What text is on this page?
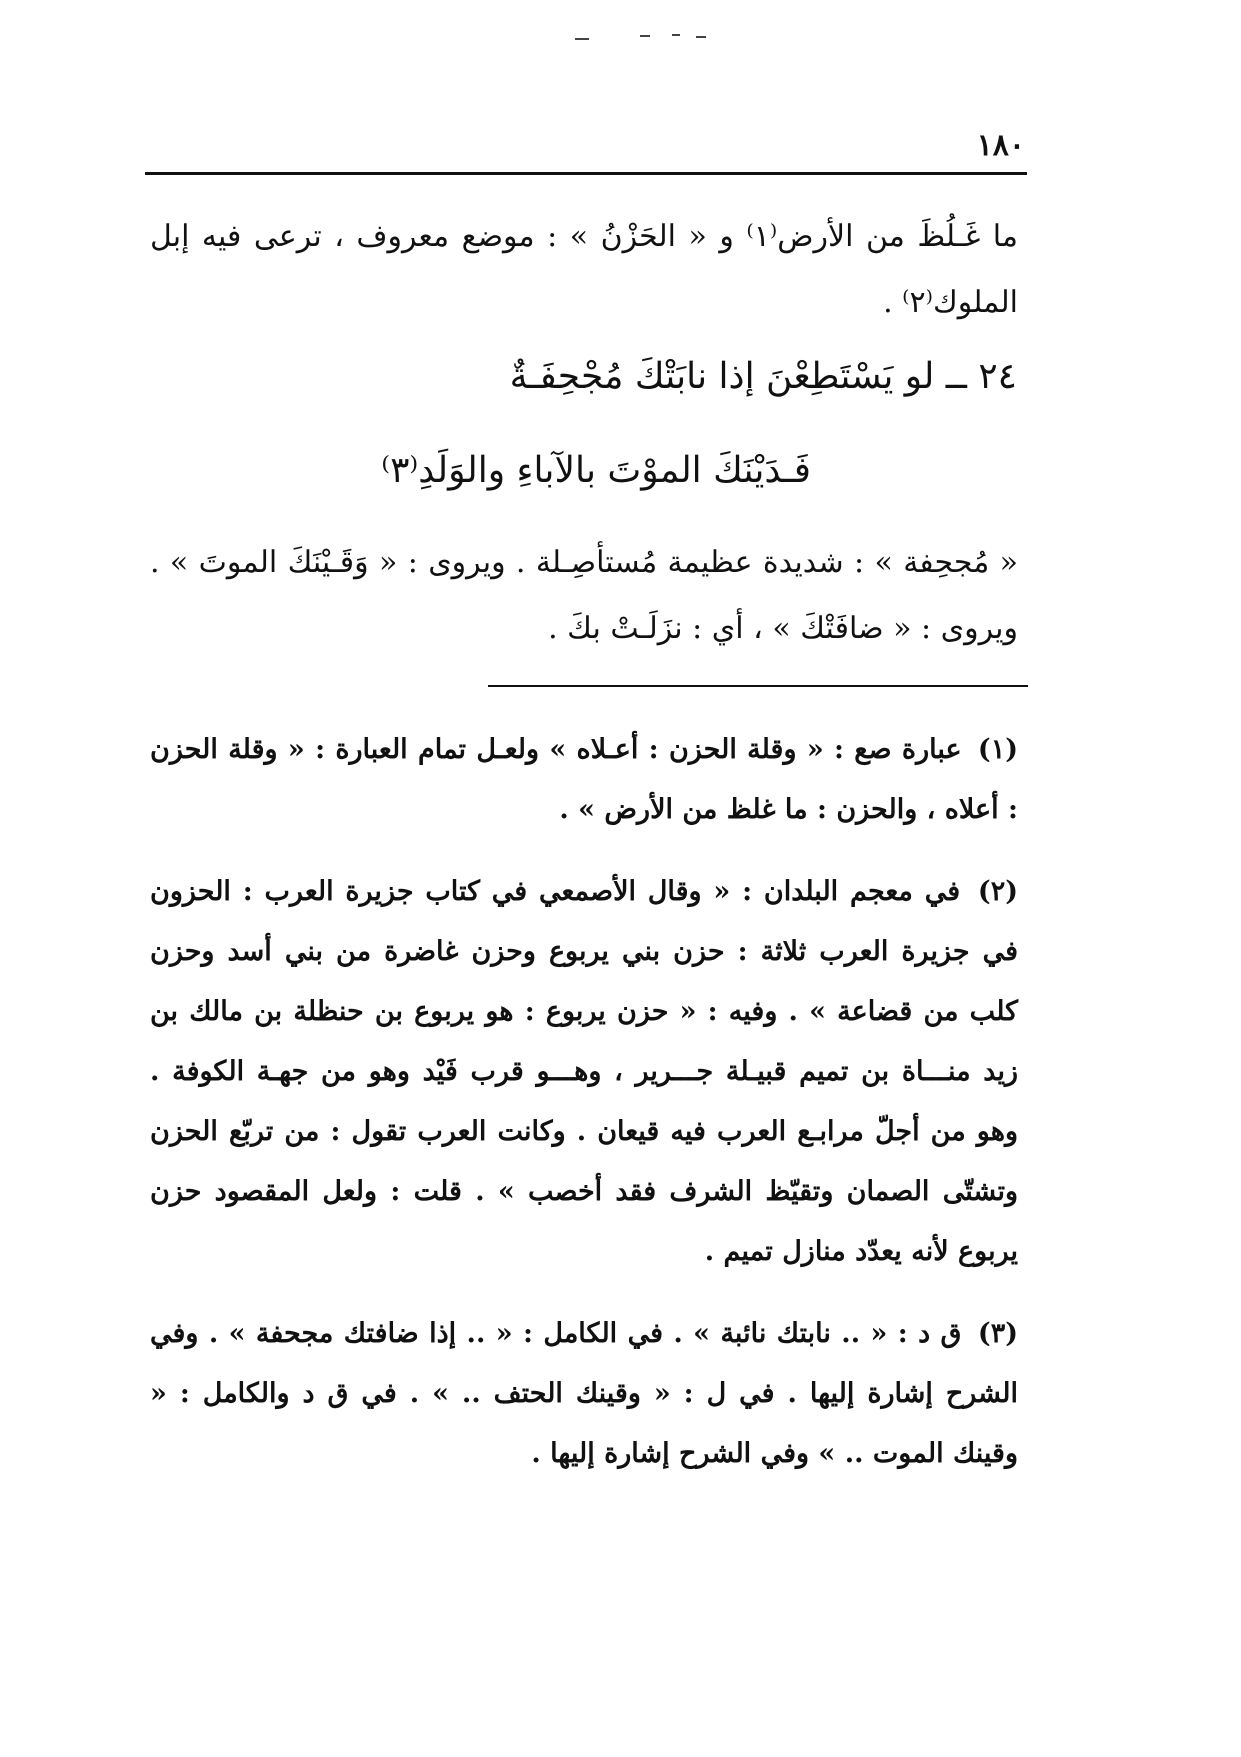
١٨٠

ما غَـلُظَ من الأرض⁽١⁾ و « الحَزْنُ » : موضع معروف ، ترعى فيه إبل الملوك⁽٢⁾ .

٢٤ ــ لو يَسْتَطِعْنَ إذا نابَتْكَ مُجْحِفَـةٌ
فَـدَيْنَكَ الموْتَ بالآباءِ والوَلَدِ⁽٣⁾

« مُجحِفة » : شديدة عظيمة مُستأصِـلة . ويروى : « وَقَـيْنَكَ الموتَ » . ويروى : « ضافَتْكَ » ، أي : نزَلَـتْ بكَ .

(١) عبارة صع : « وقلة الحزن : أعـلاه » ولعـل تمام العبارة : « وقلة الحزن : أعلاه ، والحزن : ما غلظ من الأرض » .

(٢) في معجم البلدان : « وقال الأصمعي في كتاب جزيرة العرب : الحزون في جزيرة العرب ثلاثة : حزن بني يربوع وحزن غاضرة من بني أسد وحزن كلب من قضاعة » . وفيه : « حزن يربوع : هو يربوع بن حنظلة بن مالك بن زيد منـــاة بن تميم قبيـلة جـــرير ، وهـــو قرب فَيْد وهو من جهـة الكوفة . وهو من أجلّ مرابـع العرب فيه قيعان . وكانت العرب تقول : من تربّع الحزن وتشتّى الصمان وتقيّظ الشرف فقد أخصب » . قلت : ولعل المقصود حزن يربوع لأنه يعدّد منازل تميم .

(٣) ق د : « .. نابتك نائبة » . في الكامل : « .. إذا ضافتك مجحفة » . وفي الشرح إشارة إليها . في ل : « وقينك الحتف .. » . في ق د والكامل : « وقينك الموت .. » وفي الشرح إشارة إليها .
